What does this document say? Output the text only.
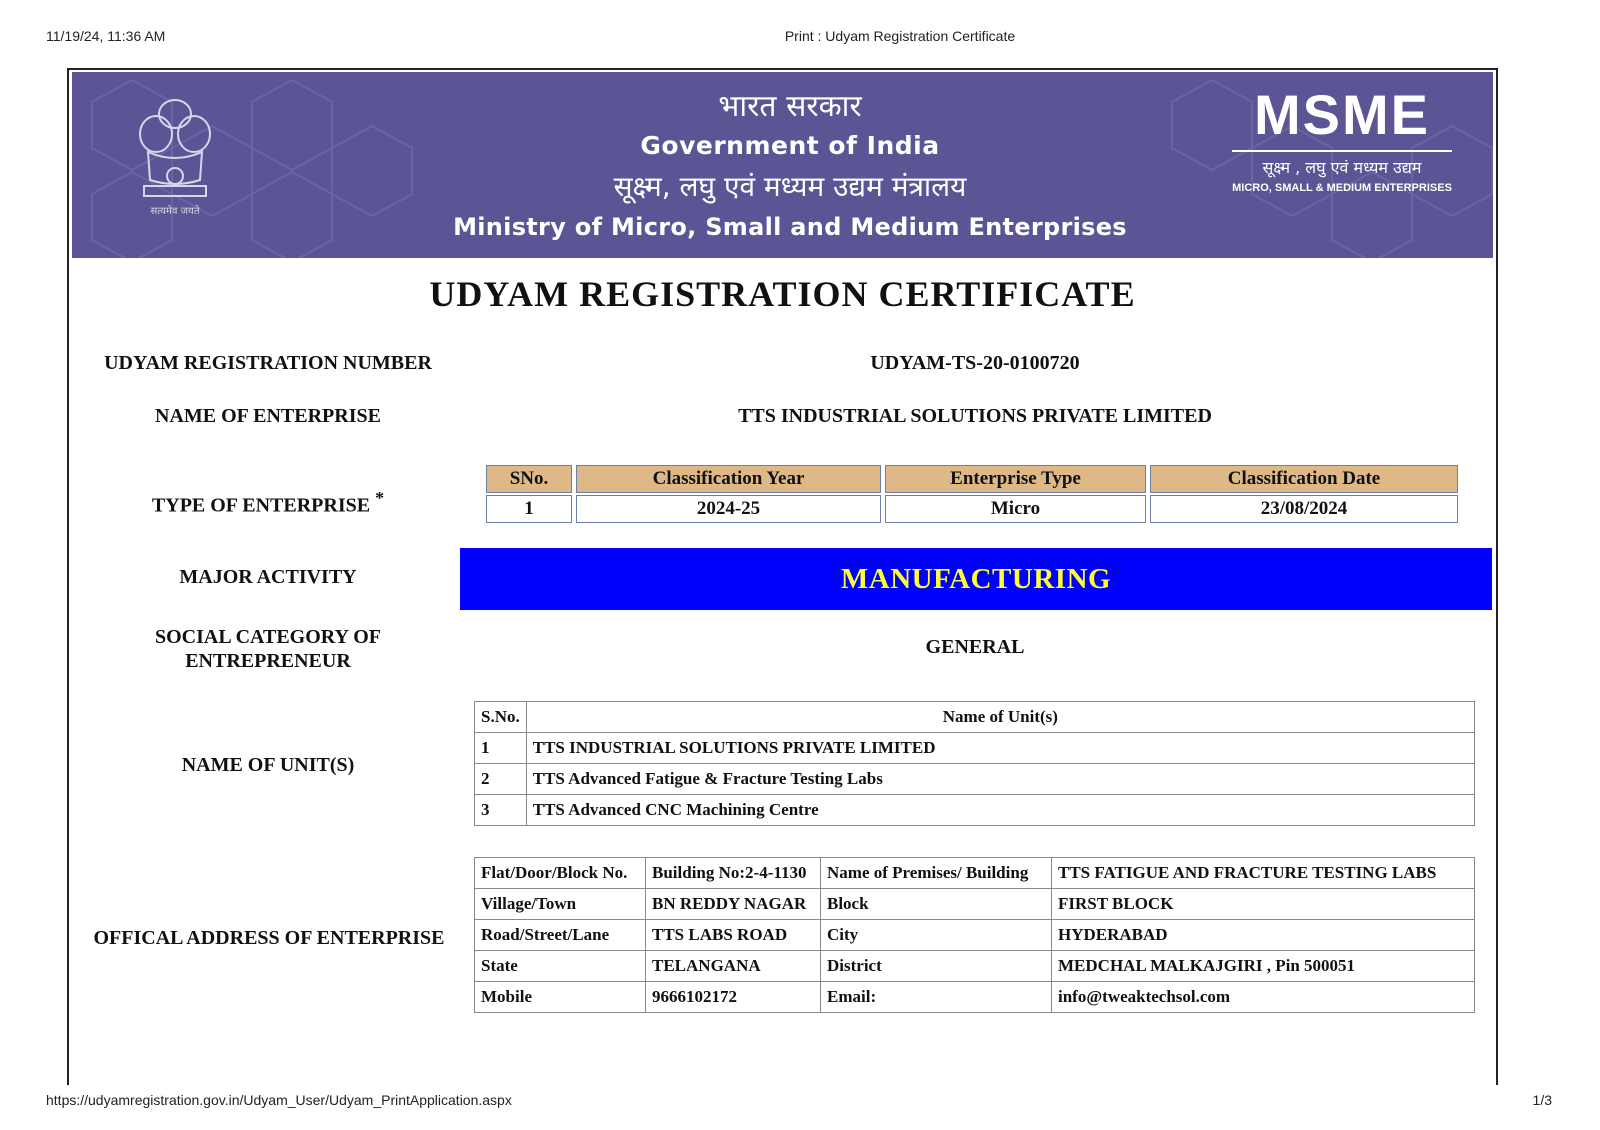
11/19/24, 11:36 AM	Print : Udyam Registration Certificate
सत्यमेव जयते
भारत सरकार
Government of India
सूक्ष्म, लघु एवं मध्यम उद्यम मंत्रालय
Ministry of Micro, Small and Medium Enterprises
MSME
सूक्ष्म , लघु एवं मध्यम उद्यम
MICRO, SMALL & MEDIUM ENTERPRISES
UDYAM REGISTRATION CERTIFICATE
UDYAM REGISTRATION NUMBER	UDYAM-TS-20-0100720
NAME OF ENTERPRISE	TTS INDUSTRIAL SOLUTIONS PRIVATE LIMITED
TYPE OF ENTERPRISE *
SNo.	Classification Year	Enterprise Type	Classification Date
1	2024-25	Micro	23/08/2024
MAJOR ACTIVITY	MANUFACTURING
SOCIAL CATEGORY OF
ENTREPRENEUR
GENERAL
NAME OF UNIT(S)
S.No.	Name of Unit(s)
1	TTS INDUSTRIAL SOLUTIONS PRIVATE LIMITED
2	TTS Advanced Fatigue & Fracture Testing Labs
3	TTS Advanced CNC Machining Centre
OFFICAL ADDRESS OF ENTERPRISE
Flat/Door/Block No.	Building No:2-4-1130	Name of Premises/ Building	TTS FATIGUE AND FRACTURE TESTING LABS
Village/Town	BN REDDY NAGAR	Block	FIRST BLOCK
Road/Street/Lane	TTS LABS ROAD	City	HYDERABAD
State	TELANGANA	District	MEDCHAL MALKAJGIRI , Pin 500051
Mobile	9666102172	Email:	info@tweaktechsol.com
https://udyamregistration.gov.in/Udyam_User/Udyam_PrintApplication.aspx	1/3
